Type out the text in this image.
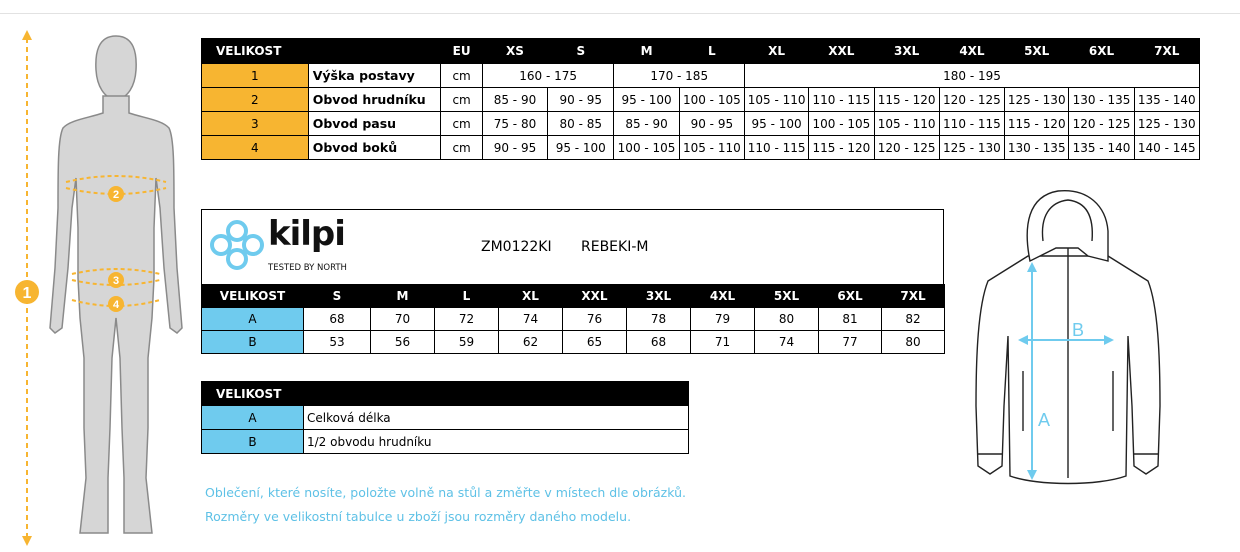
1
2
3
4
VELIKOST		EU	XS	S	M	L	XL	XXL	3XL	4XL	5XL	6XL	7XL
1	Výška postavy	cm	160 - 175		170 - 185		180 - 195						
2	Obvod hrudníku	cm	85 - 90	90 - 95	95 - 100	100 - 105	105 - 110	110 - 115	115 - 120	120 - 125	125 - 130	130 - 135	135 - 140
3	Obvod pasu	cm	75 - 80	80 - 85	85 - 90	90 - 95	95 - 100	100 - 105	105 - 110	110 - 115	115 - 120	120 - 125	125 - 130
4	Obvod boků	cm	90 - 95	95 - 100	100 - 105	105 - 110	110 - 115	115 - 120	120 - 125	125 - 130	130 - 135	135 - 140	140 - 145
kilpi
TESTED BY NORTH
ZM0122KI REBEKI-M
VELIKOST	S	M	L	XL	XXL	3XL	4XL	5XL	6XL	7XL
A	68	70	72	74	76	78	79	80	81	82
B	53	56	59	62	65	68	71	74	77	80
VELIKOST	
A	Celková délka
B	1/2 obvodu hrudníku
Oblečení, které nosíte, položte volně na stůl a změřte v místech dle obrázků.
Rozměry ve velikostní tabulce u zboží jsou rozměry daného modelu.
A
B
